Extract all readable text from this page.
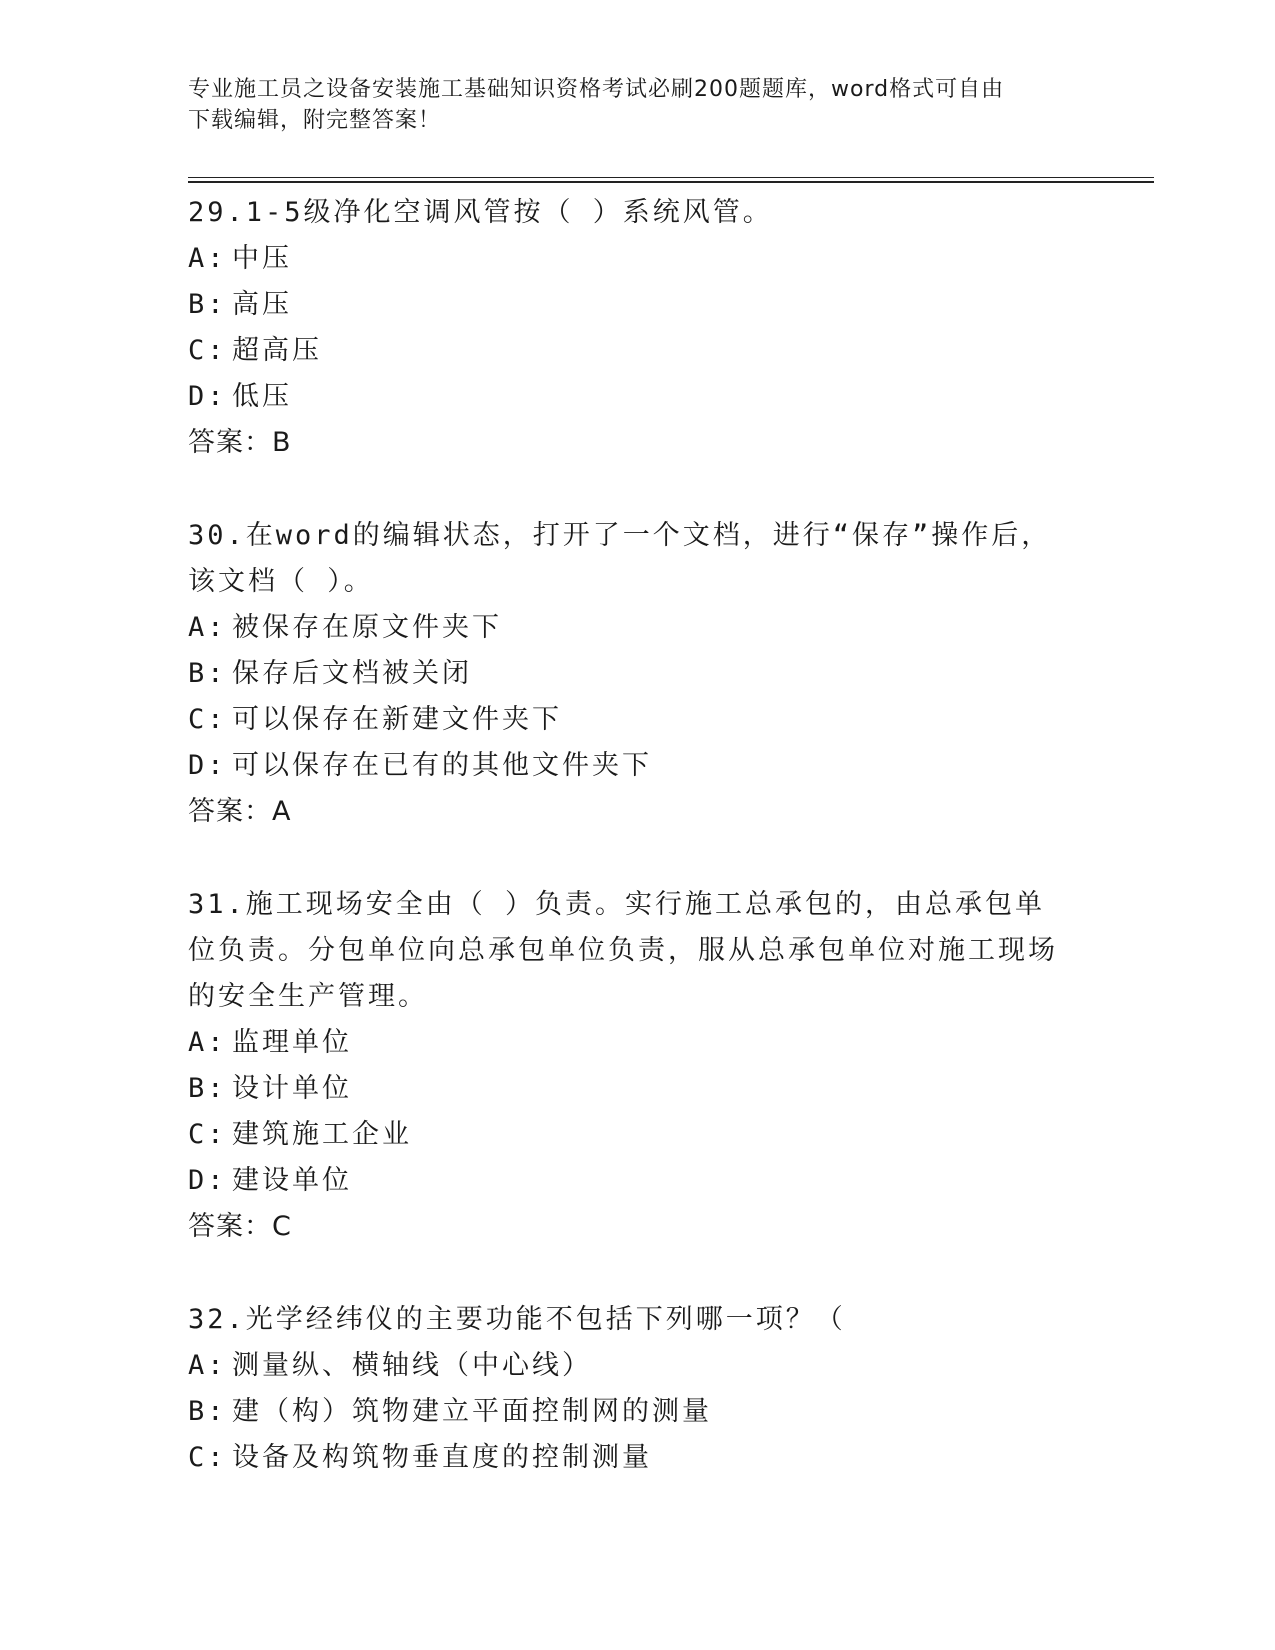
专业施工员之设备安装施工基础知识资格考试必刷200题题库，word格式可自由
下载编辑，附完整答案！

29.1-5级净化空调风管按（ ）系统风管。

A: 中压

B: 高压

C: 超高压

D: 低压

答案：B

30.在word的编辑状态，打开了一个文档，进行“保存”操作后，该文档（ ）。

A: 被保存在原文件夹下

B: 保存后文档被关闭

C: 可以保存在新建文件夹下

D: 可以保存在已有的其他文件夹下

答案：A

31.施工现场安全由（ ）负责。实行施工总承包的，由总承包单位负责。分包单位向总承包单位负责，服从总承包单位对施工现场的安全生产管理。

A: 监理单位

B: 设计单位

C: 建筑施工企业

D: 建设单位

答案：C

32.光学经纬仪的主要功能不包括下列哪一项？（

A: 测量纵、横轴线（中心线）

B: 建（构）筑物建立平面控制网的测量

C: 设备及构筑物垂直度的控制测量
